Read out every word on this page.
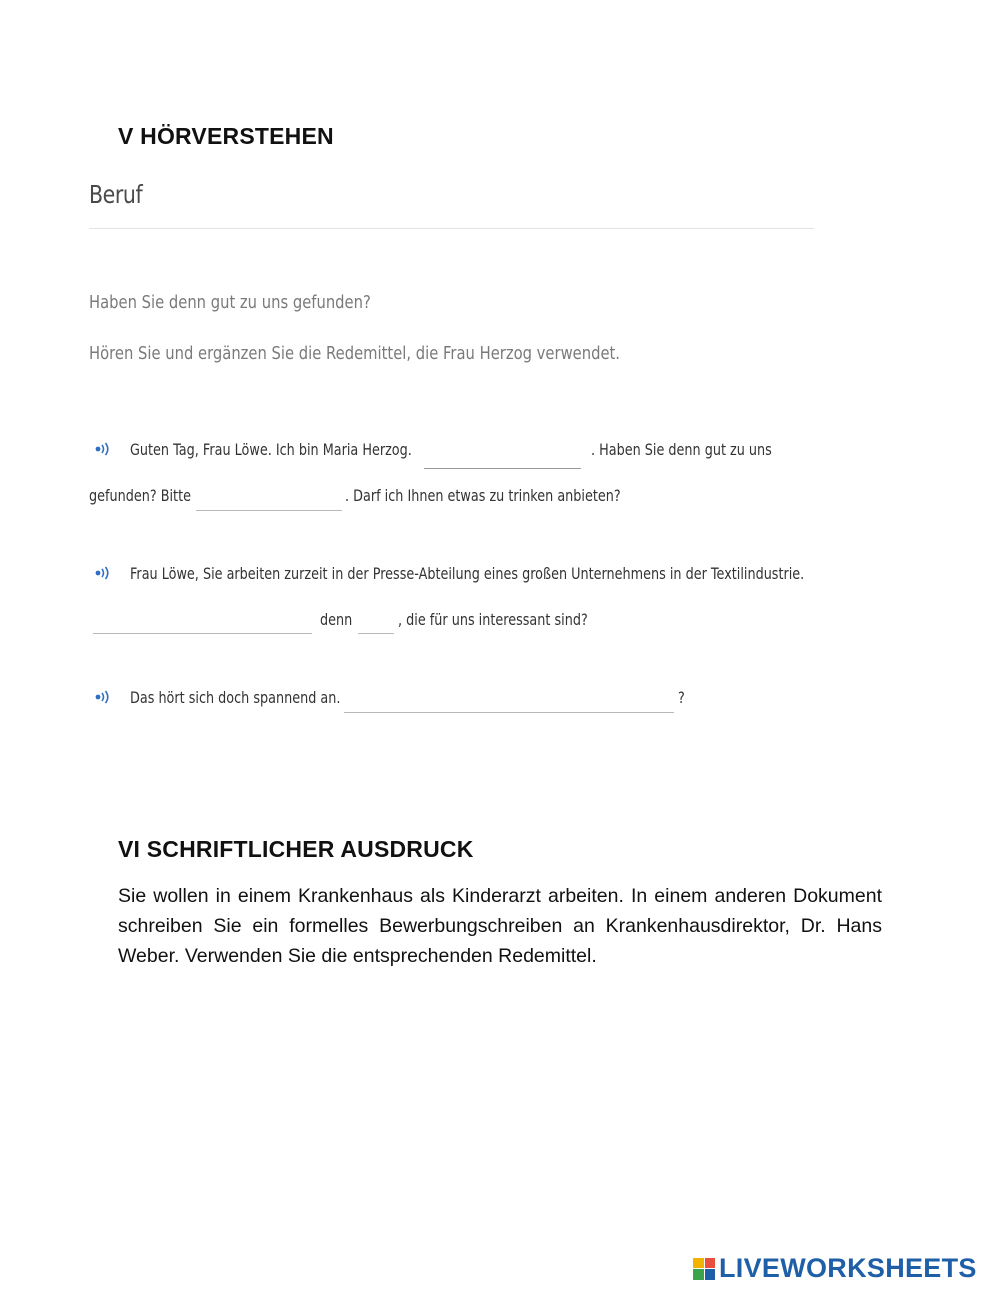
V HÖRVERSTEHEN
Beruf
Haben Sie denn gut zu uns gefunden?
Hören Sie und ergänzen Sie die Redemittel, die Frau Herzog verwendet.
Guten Tag, Frau Löwe. Ich bin Maria Herzog.	. Haben Sie denn gut zu uns
gefunden? Bitte	. Darf ich Ihnen etwas zu trinken anbieten?
Frau Löwe, Sie arbeiten zurzeit in der Presse-Abteilung eines großen Unternehmens in der Textilindustrie.
denn	, die für uns interessant sind?
Das hört sich doch spannend an.	?
VI SCHRIFTLICHER AUSDRUCK
Sie wollen in einem Krankenhaus als Kinderarzt arbeiten. In einem anderen Dokument schreiben Sie ein formelles Bewerbungschreiben an Krankenhausdirektor, Dr. Hans Weber. Verwenden Sie die entsprechenden Redemittel.
LIVEWORKSHEETS
